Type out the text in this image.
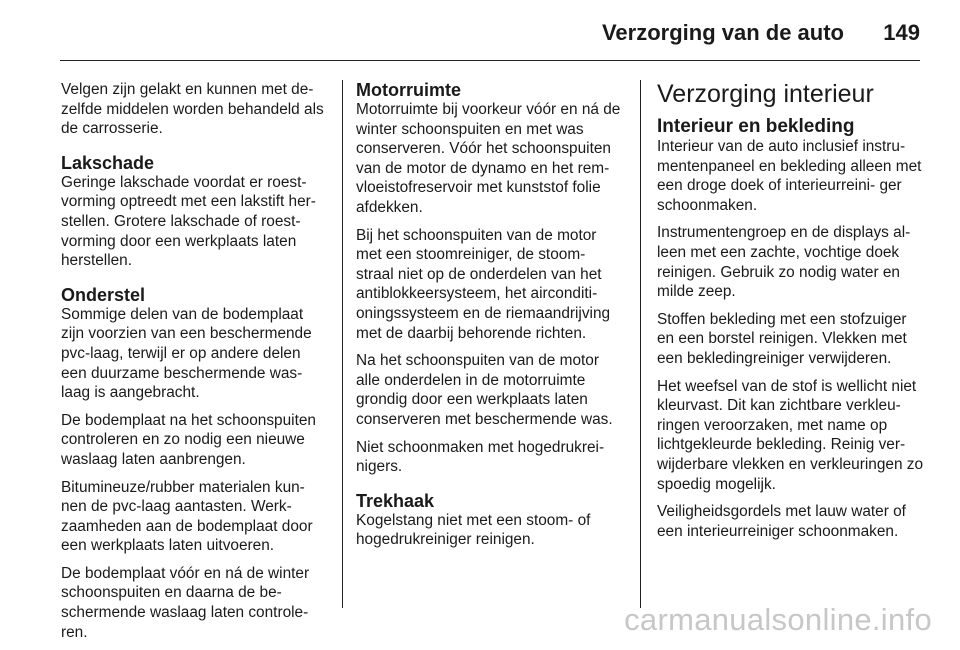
Verzorging van de auto 149

Velgen zijn gelakt en kunnen met de- zelfde middelen worden behandeld als de carrosserie.

Lakschade

Geringe lakschade voordat er roest- vorming optreedt met een lakstift her- stellen. Grotere lakschade of roest- vorming door een werkplaats laten herstellen.

Onderstel

Sommige delen van de bodemplaat zijn voorzien van een beschermende pvc-laag, terwijl er op andere delen een duurzame beschermende was- laag is aangebracht.

De bodemplaat na het schoonspuiten controleren en zo nodig een nieuwe waslaag laten aanbrengen.

Bitumineuze/rubber materialen kun- nen de pvc-laag aantasten. Werk- zaamheden aan de bodemplaat door een werkplaats laten uitvoeren.

De bodemplaat vóór en ná de winter schoonspuiten en daarna de be- schermende waslaag laten controle- ren.

Motorruimte

Motorruimte bij voorkeur vóór en ná de winter schoonspuiten en met was conserveren. Vóór het schoonspuiten van de motor de dynamo en het rem- vloeistofreservoir met kunststof folie afdekken.

Bij het schoonspuiten van de motor met een stoomreiniger, de stoom- straal niet op de onderdelen van het antiblokkeersysteem, het airconditi- oningssysteem en de riemaandrijving met de daarbij behorende richten.

Na het schoonspuiten van de motor alle onderdelen in de motorruimte grondig door een werkplaats laten conserveren met beschermende was.

Niet schoonmaken met hogedrukrei- nigers.

Trekhaak

Kogelstang niet met een stoom- of hogedrukreiniger reinigen.

Verzorging interieur
Interieur en bekleding

Interieur van de auto inclusief instru- mentenpaneel en bekleding alleen met een droge doek of interieurreini- ger schoonmaken.

Instrumentengroep en de displays al- leen met een zachte, vochtige doek reinigen. Gebruik zo nodig water en milde zeep.

Stoffen bekleding met een stofzuiger en een borstel reinigen. Vlekken met een bekledingreiniger verwijderen.

Het weefsel van de stof is wellicht niet kleurvast. Dit kan zichtbare verkleu- ringen veroorzaken, met name op lichtgekleurde bekleding. Reinig ver- wijderbare vlekken en verkleuringen zo spoedig mogelijk.

Veiligheidsgordels met lauw water of een interieurreiniger schoonmaken.

carmanualsonline.info
